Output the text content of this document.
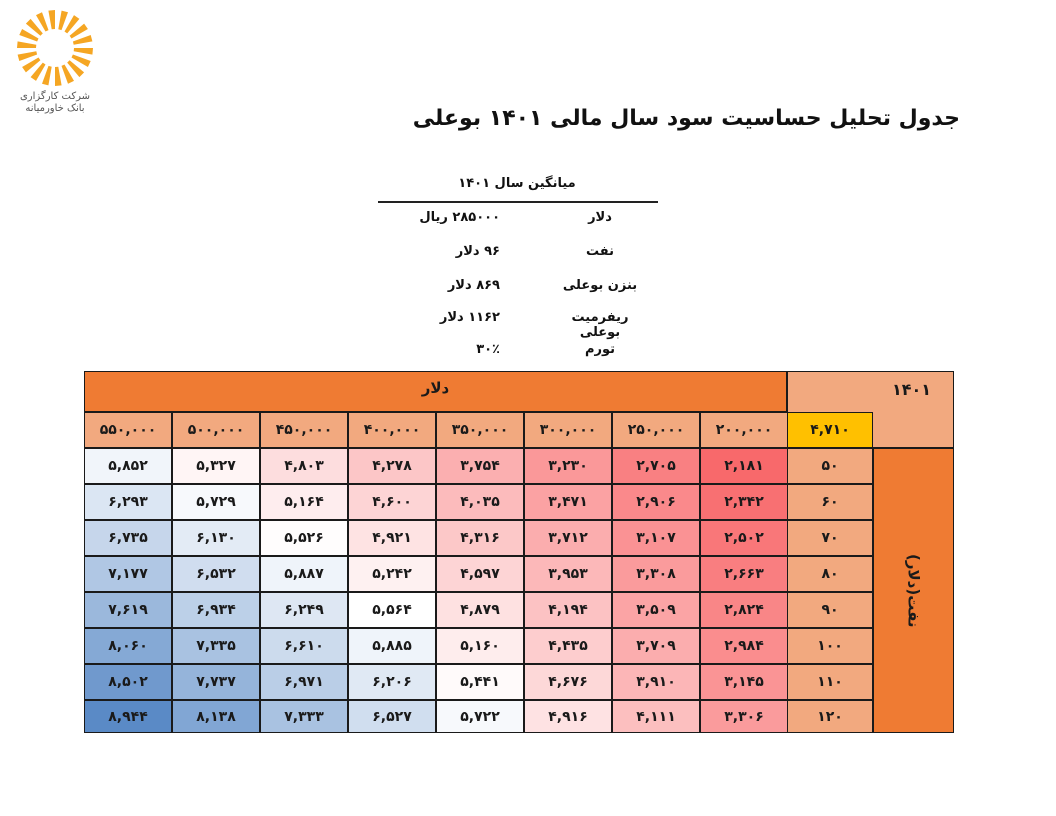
شرکت کارگزاری
بانک خاورمیانه	جدول تحلیل حساسیت سود سال مالی ۱۴۰۱ بوعلی
میانگین سال ۱۴۰۱
دلار
۲۸۵۰۰۰ ریال
نفت
۹۶ دلار
بنزن بوعلی
۸۶۹ دلار
ریفرمیت بوعلی
۱۱۶۲ دلار
تورم
۳۰٪
دلار	۱۴۰۱
۴,۷۱۰
نفت(دلار)
۲۰۰,۰۰۰
۲۵۰,۰۰۰
۳۰۰,۰۰۰
۳۵۰,۰۰۰
۴۰۰,۰۰۰
۴۵۰,۰۰۰
۵۰۰,۰۰۰
۵۵۰,۰۰۰
۵۰
۲,۱۸۱
۲,۷۰۵
۳,۲۳۰
۳,۷۵۴
۴,۲۷۸
۴,۸۰۳
۵,۳۲۷
۵,۸۵۲
۶۰
۲,۳۴۲
۲,۹۰۶
۳,۴۷۱
۴,۰۳۵
۴,۶۰۰
۵,۱۶۴
۵,۷۲۹
۶,۲۹۳
۷۰
۲,۵۰۲
۳,۱۰۷
۳,۷۱۲
۴,۳۱۶
۴,۹۲۱
۵,۵۲۶
۶,۱۳۰
۶,۷۳۵
۸۰
۲,۶۶۳
۳,۳۰۸
۳,۹۵۳
۴,۵۹۷
۵,۲۴۲
۵,۸۸۷
۶,۵۳۲
۷,۱۷۷
۹۰
۲,۸۲۴
۳,۵۰۹
۴,۱۹۴
۴,۸۷۹
۵,۵۶۴
۶,۲۴۹
۶,۹۳۴
۷,۶۱۹
۱۰۰
۲,۹۸۴
۳,۷۰۹
۴,۴۳۵
۵,۱۶۰
۵,۸۸۵
۶,۶۱۰
۷,۳۳۵
۸,۰۶۰
۱۱۰
۳,۱۴۵
۳,۹۱۰
۴,۶۷۶
۵,۴۴۱
۶,۲۰۶
۶,۹۷۱
۷,۷۳۷
۸,۵۰۲
۱۲۰
۳,۳۰۶
۴,۱۱۱
۴,۹۱۶
۵,۷۲۲
۶,۵۲۷
۷,۳۳۳
۸,۱۳۸
۸,۹۴۴
